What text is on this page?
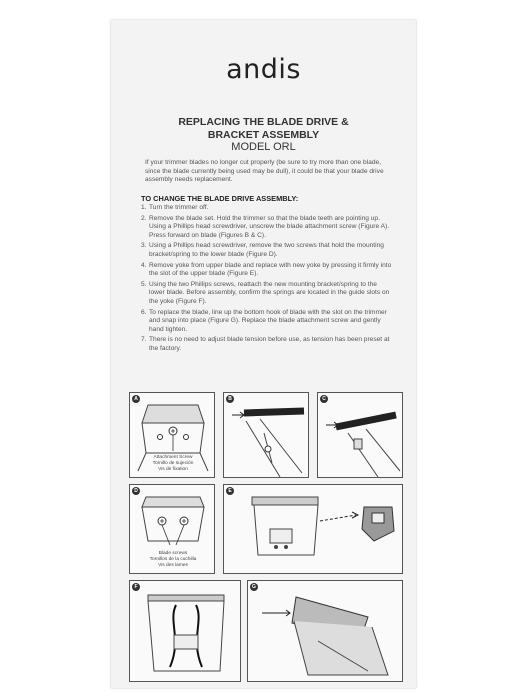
andis
REPLACING THE BLADE DRIVE &
BRACKET ASSEMBLY
MODEL ORL
If your trimmer blades no longer cut properly (be sure to try more than one blade, since the blade currently being used may be dull), it could be that your blade drive assembly needs replacement.
TO CHANGE THE BLADE DRIVE ASSEMBLY:
1. Turn the trimmer off.
2. Remove the blade set. Hold the trimmer so that the blade teeth are pointing up. Using a Phillips head screwdriver, unscrew the blade attachment screw (Figure A). Press forward on blade (Figures B & C).
3. Using a Phillips head screwdriver, remove the two screws that hold the mounting bracket/spring to the lower blade (Figure D).
4. Remove yoke from upper blade and replace with new yoke by pressing it firmly into the slot of the upper blade (Figure E).
5. Using the two Phillips screws, reattach the new mounting bracket/spring to the lower blade. Before assembly, confirm the springs are located in the guide slots on the yoke (Figure F).
6. To replace the blade, line up the bottom hook of blade with the slot on the trimmer and snap into place (Figure G). Replace the blade attachment screw and gently hand tighten.
7. There is no need to adjust blade tension before use, as tension has been preset at the factory.
A
Attachment Screw
Tornillo de sujeción
Vis de fixation
B	C
D
Blade screws
Tornillos de la cuchilla
Vis des lames
E
F	G
